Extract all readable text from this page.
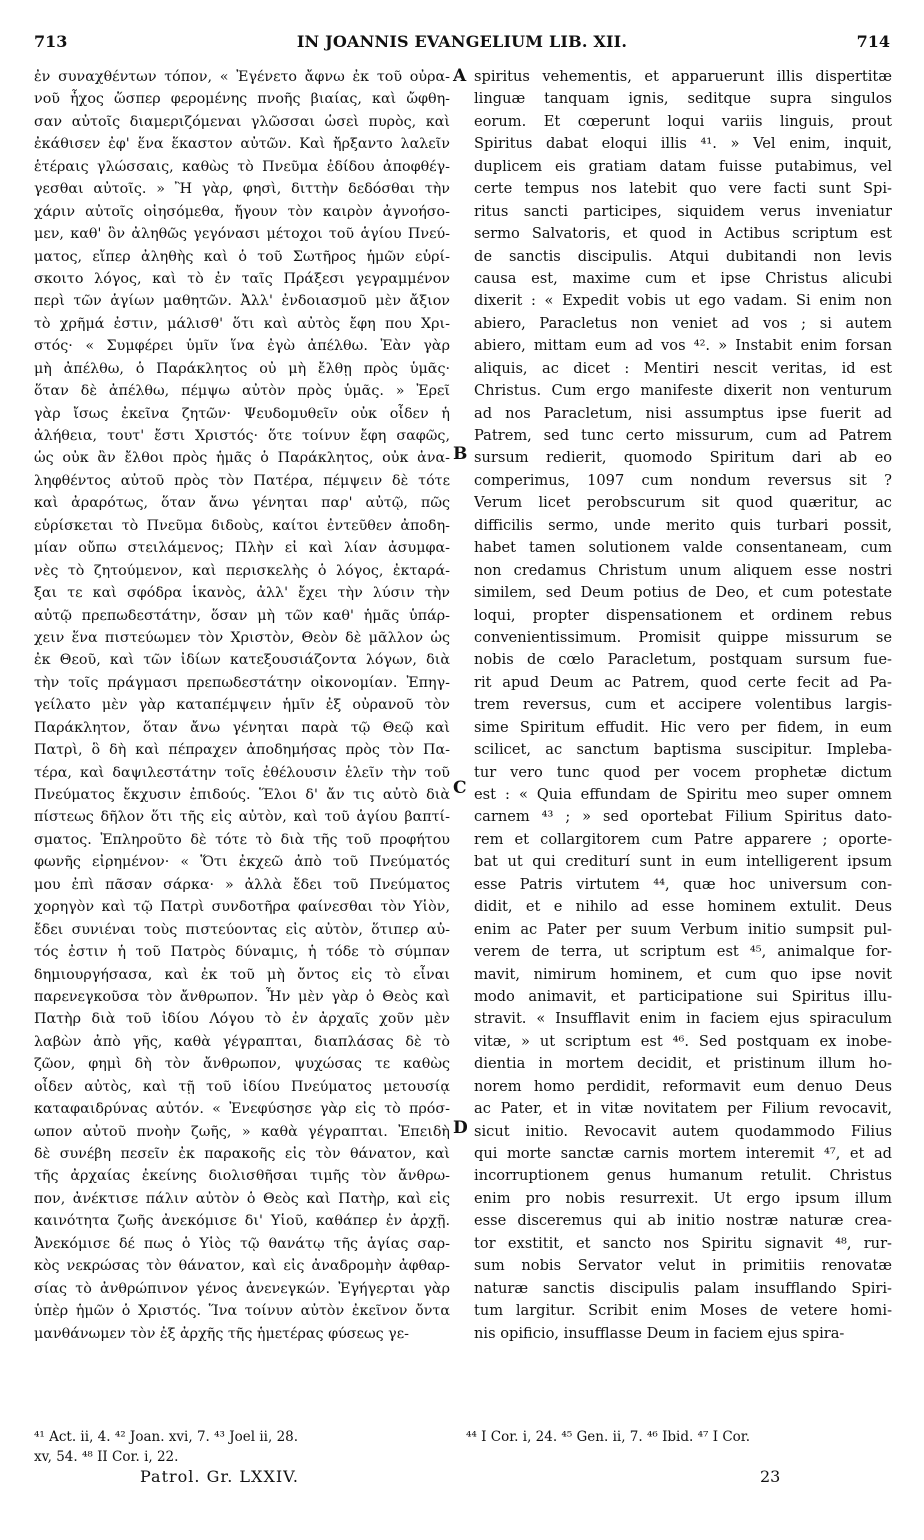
713	IN JOANNIS EVANGELIUM LIB. XII.	714
ἐν συναχθέντων τόπον, « Ἐγένετο ἄφνω ἐκ τοῦ οὐρα-
νοῦ ἦχος ὥσπερ φερομένης πνοῆς βιαίας, καὶ ὤφθη-
σαν αὐτοῖς διαμεριζόμεναι γλῶσσαι ὡσεὶ πυρὸς, καὶ
ἐκάθισεν ἐφ' ἕνα ἕκαστον αὐτῶν. Καὶ ἤρξαντο λαλεῖν
ἑτέραις γλώσσαις, καθὼς τὸ Πνεῦμα ἐδίδου ἀποφθέγ-
γεσθαι αὐτοῖς. » Ἢ γὰρ, φησὶ, διττὴν δεδόσθαι τὴν
χάριν αὐτοῖς οἰησόμεθα, ἤγουν τὸν καιρὸν ἀγνοήσο-
μεν, καθ' ὃν ἀληθῶς γεγόνασι μέτοχοι τοῦ ἁγίου Πνεύ-
ματος, εἴπερ ἀληθὴς καὶ ὁ τοῦ Σωτῆρος ἡμῶν εὑρί-
σκοιτο λόγος, καὶ τὸ ἐν ταῖς Πράξεσι γεγραμμένον
περὶ τῶν ἁγίων μαθητῶν. Ἀλλ' ἐνδοιασμοῦ μὲν ἄξιον
τὸ χρῆμά ἐστιν, μάλισθ' ὅτι καὶ αὐτὸς ἔφη που Χρι-
στός· « Συμφέρει ὑμῖν ἵνα ἐγὼ ἀπέλθω. Ἐὰν γὰρ
μὴ ἀπέλθω, ὁ Παράκλητος οὐ μὴ ἔλθῃ πρὸς ὑμᾶς·
ὅταν δὲ ἀπέλθω, πέμψω αὐτὸν πρὸς ὑμᾶς. » Ἐρεῖ
γὰρ ἴσως ἐκεῖνα ζητῶν· Ψευδομυθεῖν οὐκ οἶδεν ἡ
ἀλήθεια, τουτ' ἔστι Χριστός· ὅτε τοίνυν ἔφη σαφῶς,
ὡς οὐκ ἂν ἔλθοι πρὸς ἡμᾶς ὁ Παράκλητος, οὐκ ἀνα-
ληφθέντος αὐτοῦ πρὸς τὸν Πατέρα, πέμψειν δὲ τότε
καὶ ἀραρότως, ὅταν ἄνω γένηται παρ' αὐτῷ, πῶς
εὑρίσκεται τὸ Πνεῦμα διδοὺς, καίτοι ἐντεῦθεν ἀποδη-
μίαν οὔπω στειλάμενος; Πλὴν εἰ καὶ λίαν ἀσυμφα-
νὲς τὸ ζητούμενον, καὶ περισκελὴς ὁ λόγος, ἐκταρά-
ξαι τε καὶ σφόδρα ἱκανὸς, ἀλλ' ἔχει τὴν λύσιν τὴν
αὐτῷ πρεπωδεστάτην, ὅσαν μὴ τῶν καθ' ἡμᾶς ὑπάρ-
χειν ἕνα πιστεύωμεν τὸν Χριστὸν, Θεὸν δὲ μᾶλλον ὡς
ἐκ Θεοῦ, καὶ τῶν ἰδίων κατεξουσιάζοντα λόγων, διὰ
τὴν τοῖς πράγμασι πρεπωδεστάτην οἰκονομίαν. Ἐπηγ-
γείλατο μὲν γὰρ καταπέμψειν ἡμῖν ἐξ οὐρανοῦ τὸν
Παράκλητον, ὅταν ἄνω γένηται παρὰ τῷ Θεῷ καὶ
Πατρὶ, ὃ δὴ καὶ πέπραχεν ἀποδημήσας πρὸς τὸν Πα-
τέρα, καὶ δαψιλεστάτην τοῖς ἐθέλουσιν ἑλεῖν τὴν τοῦ
Πνεύματος ἔκχυσιν ἐπιδούς. Ἕλοι δ' ἄν τις αὐτὸ διὰ
πίστεως δῆλον ὅτι τῆς εἰς αὐτὸν, καὶ τοῦ ἁγίου βαπτί-
σματος. Ἐπληροῦτο δὲ τότε τὸ διὰ τῆς τοῦ προφήτου
φωνῆς εἰρημένον· « Ὅτι ἐκχεῶ ἀπὸ τοῦ Πνεύματός
μου ἐπὶ πᾶσαν σάρκα· » ἀλλὰ ἔδει τοῦ Πνεύματος
χορηγὸν καὶ τῷ Πατρὶ συνδοτῆρα φαίνεσθαι τὸν Υἱὸν,
ἔδει συνιέναι τοὺς πιστεύοντας εἰς αὐτὸν, ὅτιπερ αὐ-
τός ἐστιν ἡ τοῦ Πατρὸς δύναμις, ἡ τόδε τὸ σύμπαν
δημιουργήσασα, καὶ ἐκ τοῦ μὴ ὄντος εἰς τὸ εἶναι
παρενεγκοῦσα τὸν ἄνθρωπον. Ἦν μὲν γὰρ ὁ Θεὸς καὶ
Πατὴρ διὰ τοῦ ἰδίου Λόγου τὸ ἐν ἀρχαῖς χοῦν μὲν
λαβὼν ἀπὸ γῆς, καθὰ γέγραπται, διαπλάσας δὲ τὸ
ζῶον, φημὶ δὴ τὸν ἄνθρωπον, ψυχώσας τε καθὼς
οἶδεν αὐτὸς, καὶ τῇ τοῦ ἰδίου Πνεύματος μετουσίᾳ
καταφαιδρύνας αὐτόν. « Ἐνεφύσησε γὰρ εἰς τὸ πρόσ-
ωπον αὐτοῦ πνοὴν ζωῆς, » καθὰ γέγραπται. Ἐπειδὴ
δὲ συνέβη πεσεῖν ἐκ παρακοῆς εἰς τὸν θάνατον, καὶ
τῆς ἀρχαίας ἐκείνης διολισθῆσαι τιμῆς τὸν ἄνθρω-
πον, ἀνέκτισε πάλιν αὐτὸν ὁ Θεὸς καὶ Πατὴρ, καὶ εἰς
καινότητα ζωῆς ἀνεκόμισε δι' Υἱοῦ, καθάπερ ἐν ἀρχῇ.
Ἀνεκόμισε δέ πως ὁ Υἱὸς τῷ θανάτῳ τῆς ἁγίας σαρ-
κὸς νεκρώσας τὸν θάνατον, καὶ εἰς ἀναδρομὴν ἀφθαρ-
σίας τὸ ἀνθρώπινον γένος ἀνενεγκών. Ἐγήγερται γὰρ
ὑπὲρ ἡμῶν ὁ Χριστός. Ἵνα τοίνυν αὐτὸν ἐκεῖνον ὄντα
μανθάνωμεν τὸν ἐξ ἀρχῆς τῆς ἡμετέρας φύσεως γε-
spiritus vehementis, et apparuerunt illis dispertitæ
linguæ tanquam ignis, seditque supra singulos
eorum. Et cœperunt loqui variis linguis, prout
Spiritus dabat eloqui illis ⁴¹. » Vel enim, inquit,
duplicem eis gratiam datam fuisse putabimus, vel
certe tempus nos latebit quo vere facti sunt Spi-
ritus sancti participes, siquidem verus inveniatur
sermo Salvatoris, et quod in Actibus scriptum est
de sanctis discipulis. Atqui dubitandi non levis
causa est, maxime cum et ipse Christus alicubi
dixerit : « Expedit vobis ut ego vadam. Si enim non
abiero, Paracletus non veniet ad vos ; si autem
abiero, mittam eum ad vos ⁴². » Instabit enim forsan
aliquis, ac dicet : Mentiri nescit veritas, id est
Christus. Cum ergo manifeste dixerit non venturum
ad nos Paracletum, nisi assumptus ipse fuerit ad
Patrem, sed tunc certo missurum, cum ad Patrem
sursum redierit, quomodo Spiritum dari ab eo
comperimus, 1097 cum nondum reversus sit ?
Verum licet perobscurum sit quod quæritur, ac
difficilis sermo, unde merito quis turbari possit,
habet tamen solutionem valde consentaneam, cum
non credamus Christum unum aliquem esse nostri
similem, sed Deum potius de Deo, et cum potestate
loqui, propter dispensationem et ordinem rebus
convenientissimum. Promisit quippe missurum se
nobis de cœlo Paracletum, postquam sursum fue-
rit apud Deum ac Patrem, quod certe fecit ad Pa-
trem reversus, cum et accipere volentibus largis-
sime Spiritum effudit. Hic vero per fidem, in eum
scilicet, ac sanctum baptisma suscipitur. Impleba-
tur vero tunc quod per vocem prophetæ dictum
est : « Quia effundam de Spiritu meo super omnem
carnem ⁴³ ; » sed oportebat Filium Spiritus dato-
rem et collargitorem cum Patre apparere ; oporte-
bat ut qui crediturí sunt in eum intelligerent ipsum
esse Patris virtutem ⁴⁴, quæ hoc universum con-
didit, et e nihilo ad esse hominem extulit. Deus
enim ac Pater per suum Verbum initio sumpsit pul-
verem de terra, ut scriptum est ⁴⁵, animalque for-
mavit, nimirum hominem, et cum quo ipse novit
modo animavit, et participatione sui Spiritus illu-
stravit. « Insufflavit enim in faciem ejus spiraculum
vitæ, » ut scriptum est ⁴⁶. Sed postquam ex inobe-
dientia in mortem decidit, et pristinum illum ho-
norem homo perdidit, reformavit eum denuo Deus
ac Pater, et in vitæ novitatem per Filium revocavit,
sicut initio. Revocavit autem quodammodo Filius
qui morte sanctæ carnis mortem interemit ⁴⁷, et ad
incorruptionem genus humanum retulit. Christus
enim pro nobis resurrexit. Ut ergo ipsum illum
esse disceremus qui ab initio nostræ naturæ crea-
tor exstitit, et sancto nos Spiritu signavit ⁴⁸, rur-
sum nobis Servator velut in primitiis renovatæ
naturæ sanctis discipulis palam insufflando Spiri-
tum largitur. Scribit enim Moses de vetere homi-
nis opificio, insufflasse Deum in faciem ejus spira-
A
B
C
D
⁴¹ Act. ii, 4. ⁴² Joan. xvi, 7. ⁴³ Joel ii, 28.
xv, 54. ⁴⁸ II Cor. i, 22.
⁴⁴ I Cor. i, 24. ⁴⁵ Gen. ii, 7. ⁴⁶ Ibid. ⁴⁷ I Cor.
Patrol. Gr. LXXIV.	23
